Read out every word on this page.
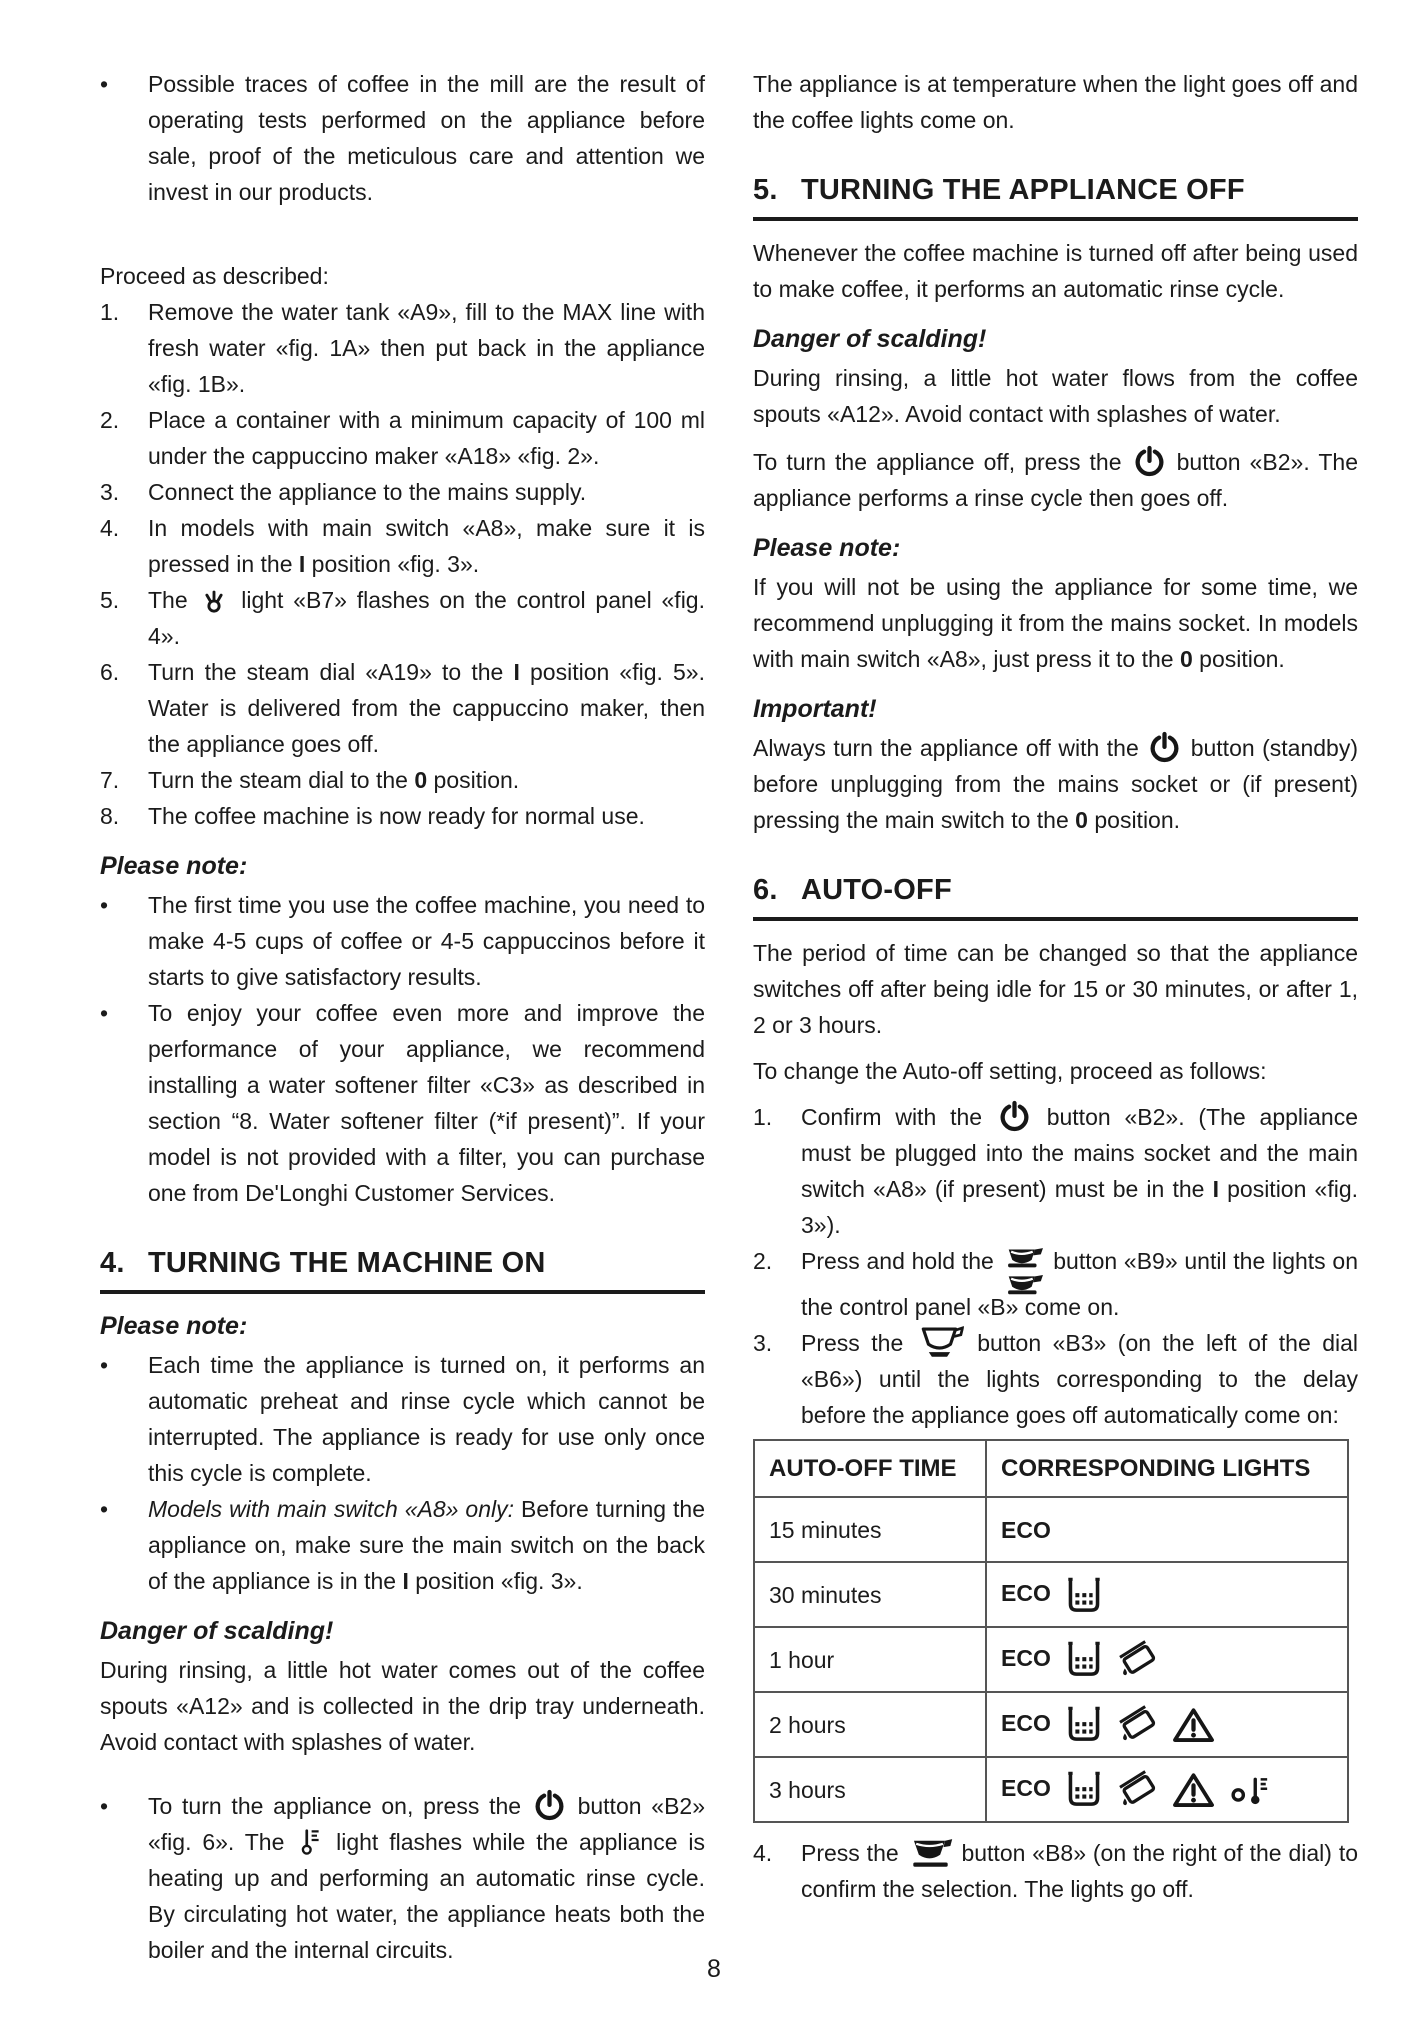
•	Possible traces of coffee in the mill are the result of operating tests performed on the appliance before sale, proof of the meticulous care and attention we invest in our products.

Proceed as described:

1.	Remove the water tank «A9», fill to the MAX line with fresh water «fig. 1A» then put back in the appliance «fig. 1B».
2.	Place a container with a minimum capacity of 100 ml under the cappuccino maker «A18» «fig. 2».
3.	Connect the appliance to the mains supply.
4.	In models with main switch «A8», make sure it is pressed in the I position «fig. 3».
5.	The  light «B7» flashes on the control panel «fig. 4».
6.	Turn the steam dial «A19» to the I position «fig. 5». Water is delivered from the cappuccino maker, then the appliance goes off.
7.	Turn the steam dial to the 0 position.
8.	The coffee machine is now ready for normal use.
Please note:
•	The first time you use the coffee machine, you need to make 4-5 cups of coffee or 4-5 cappuccinos before it starts to give satisfactory results.
•	To enjoy your coffee even more and improve the performance of your appliance, we recommend installing a water softener filter «C3» as described in section “8. Water softener filter (*if present)”. If your model is not provided with a filter, you can purchase one from De'Longhi Customer Services.
4. TURNING THE MACHINE ON
Please note:
•	Each time the appliance is turned on, it performs an automatic preheat and rinse cycle which cannot be interrupted. The appliance is ready for use only once this cycle is complete.
•	Models with main switch «A8» only: Before turning the appliance on, make sure the main switch on the back of the appliance is in the I position «fig. 3».
Danger of scalding!

During rinsing, a little hot water comes out of the coffee spouts «A12» and is collected in the drip tray underneath. Avoid contact with splashes of water.

•	To turn the appliance on, press the  button «B2» «fig. 6». The  light flashes while the appliance is heating up and performing an automatic rinse cycle. By circulating hot water, the appliance heats both the boiler and the internal circuits.

The appliance is at temperature when the light goes off and the coffee lights come on.

5. TURNING THE APPLIANCE OFF

Whenever the coffee machine is turned off after being used to make coffee, it performs an automatic rinse cycle.

Danger of scalding!

During rinsing, a little hot water flows from the coffee spouts «A12». Avoid contact with splashes of water.

To turn the appliance off, press the  button «B2». The appliance performs a rinse cycle then goes off.

Please note:

If you will not be using the appliance for some time, we recommend unplugging it from the mains socket. In models with main switch «A8», just press it to the 0 position.

Important!

Always turn the appliance off with the  button (standby) before unplugging from the mains socket or (if present) pressing the main switch to the 0 position.

6. AUTO-OFF

The period of time can be changed so that the appliance switches off after being idle for 15 or 30 minutes, or after 1, 2 or 3 hours.

To change the Auto-off setting, proceed as follows:

1.	Confirm with the  button «B2». (The appliance must be plugged into the mains socket and the main switch «A8» (if present) must be in the I position «fig. 3»).
2.	Press and hold the  button «B9» until the lights on the control panel «B» come on.
3.	Press the  button «B3» (on the left of the dial «B6») until the lights corresponding to the delay before the appliance goes off automatically come on:
AUTO-OFF TIME	CORRESPONDING LIGHTS
15 minutes	ECO
30 minutes	ECO
1 hour	ECO
2 hours	ECO
3 hours	ECO
4.	Press the  button «B8» (on the right of the dial) to confirm the selection. The lights go off.
8
